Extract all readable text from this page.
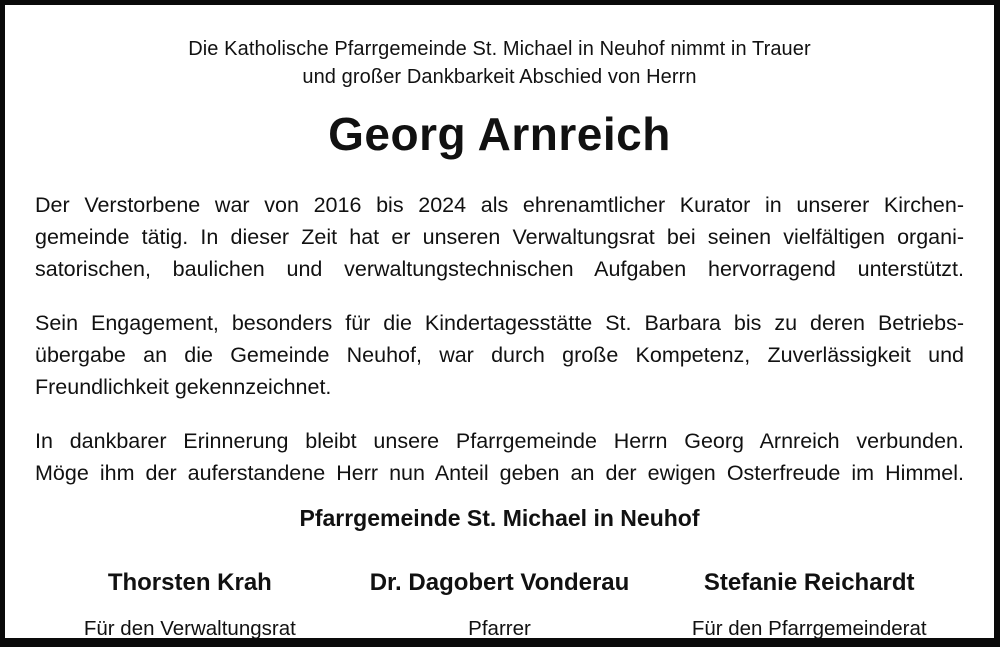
Die Katholische Pfarrgemeinde St. Michael in Neuhof nimmt in Trauer
und großer Dankbarkeit Abschied von Herrn
Georg Arnreich
Der Verstorbene war von 2016 bis 2024 als ehrenamtlicher Kurator in unserer Kirchen-
gemeinde tätig. In dieser Zeit hat er unseren Verwaltungsrat bei seinen vielfältigen organi-
satorischen, baulichen und verwaltungstechnischen Aufgaben hervorragend unterstützt.
Sein Engagement, besonders für die Kindertagesstätte St. Barbara bis zu deren Betriebs-
übergabe an die Gemeinde Neuhof, war durch große Kompetenz, Zuverlässigkeit und
Freundlichkeit gekennzeichnet.
In dankbarer Erinnerung bleibt unsere Pfarrgemeinde Herrn Georg Arnreich verbunden.
Möge ihm der auferstandene Herr nun Anteil geben an der ewigen Osterfreude im Himmel.
Pfarrgemeinde St. Michael in Neuhof
Thorsten Krah
Für den Verwaltungsrat
Dr. Dagobert Vonderau
Pfarrer
Stefanie Reichardt
Für den Pfarrgemeinderat
